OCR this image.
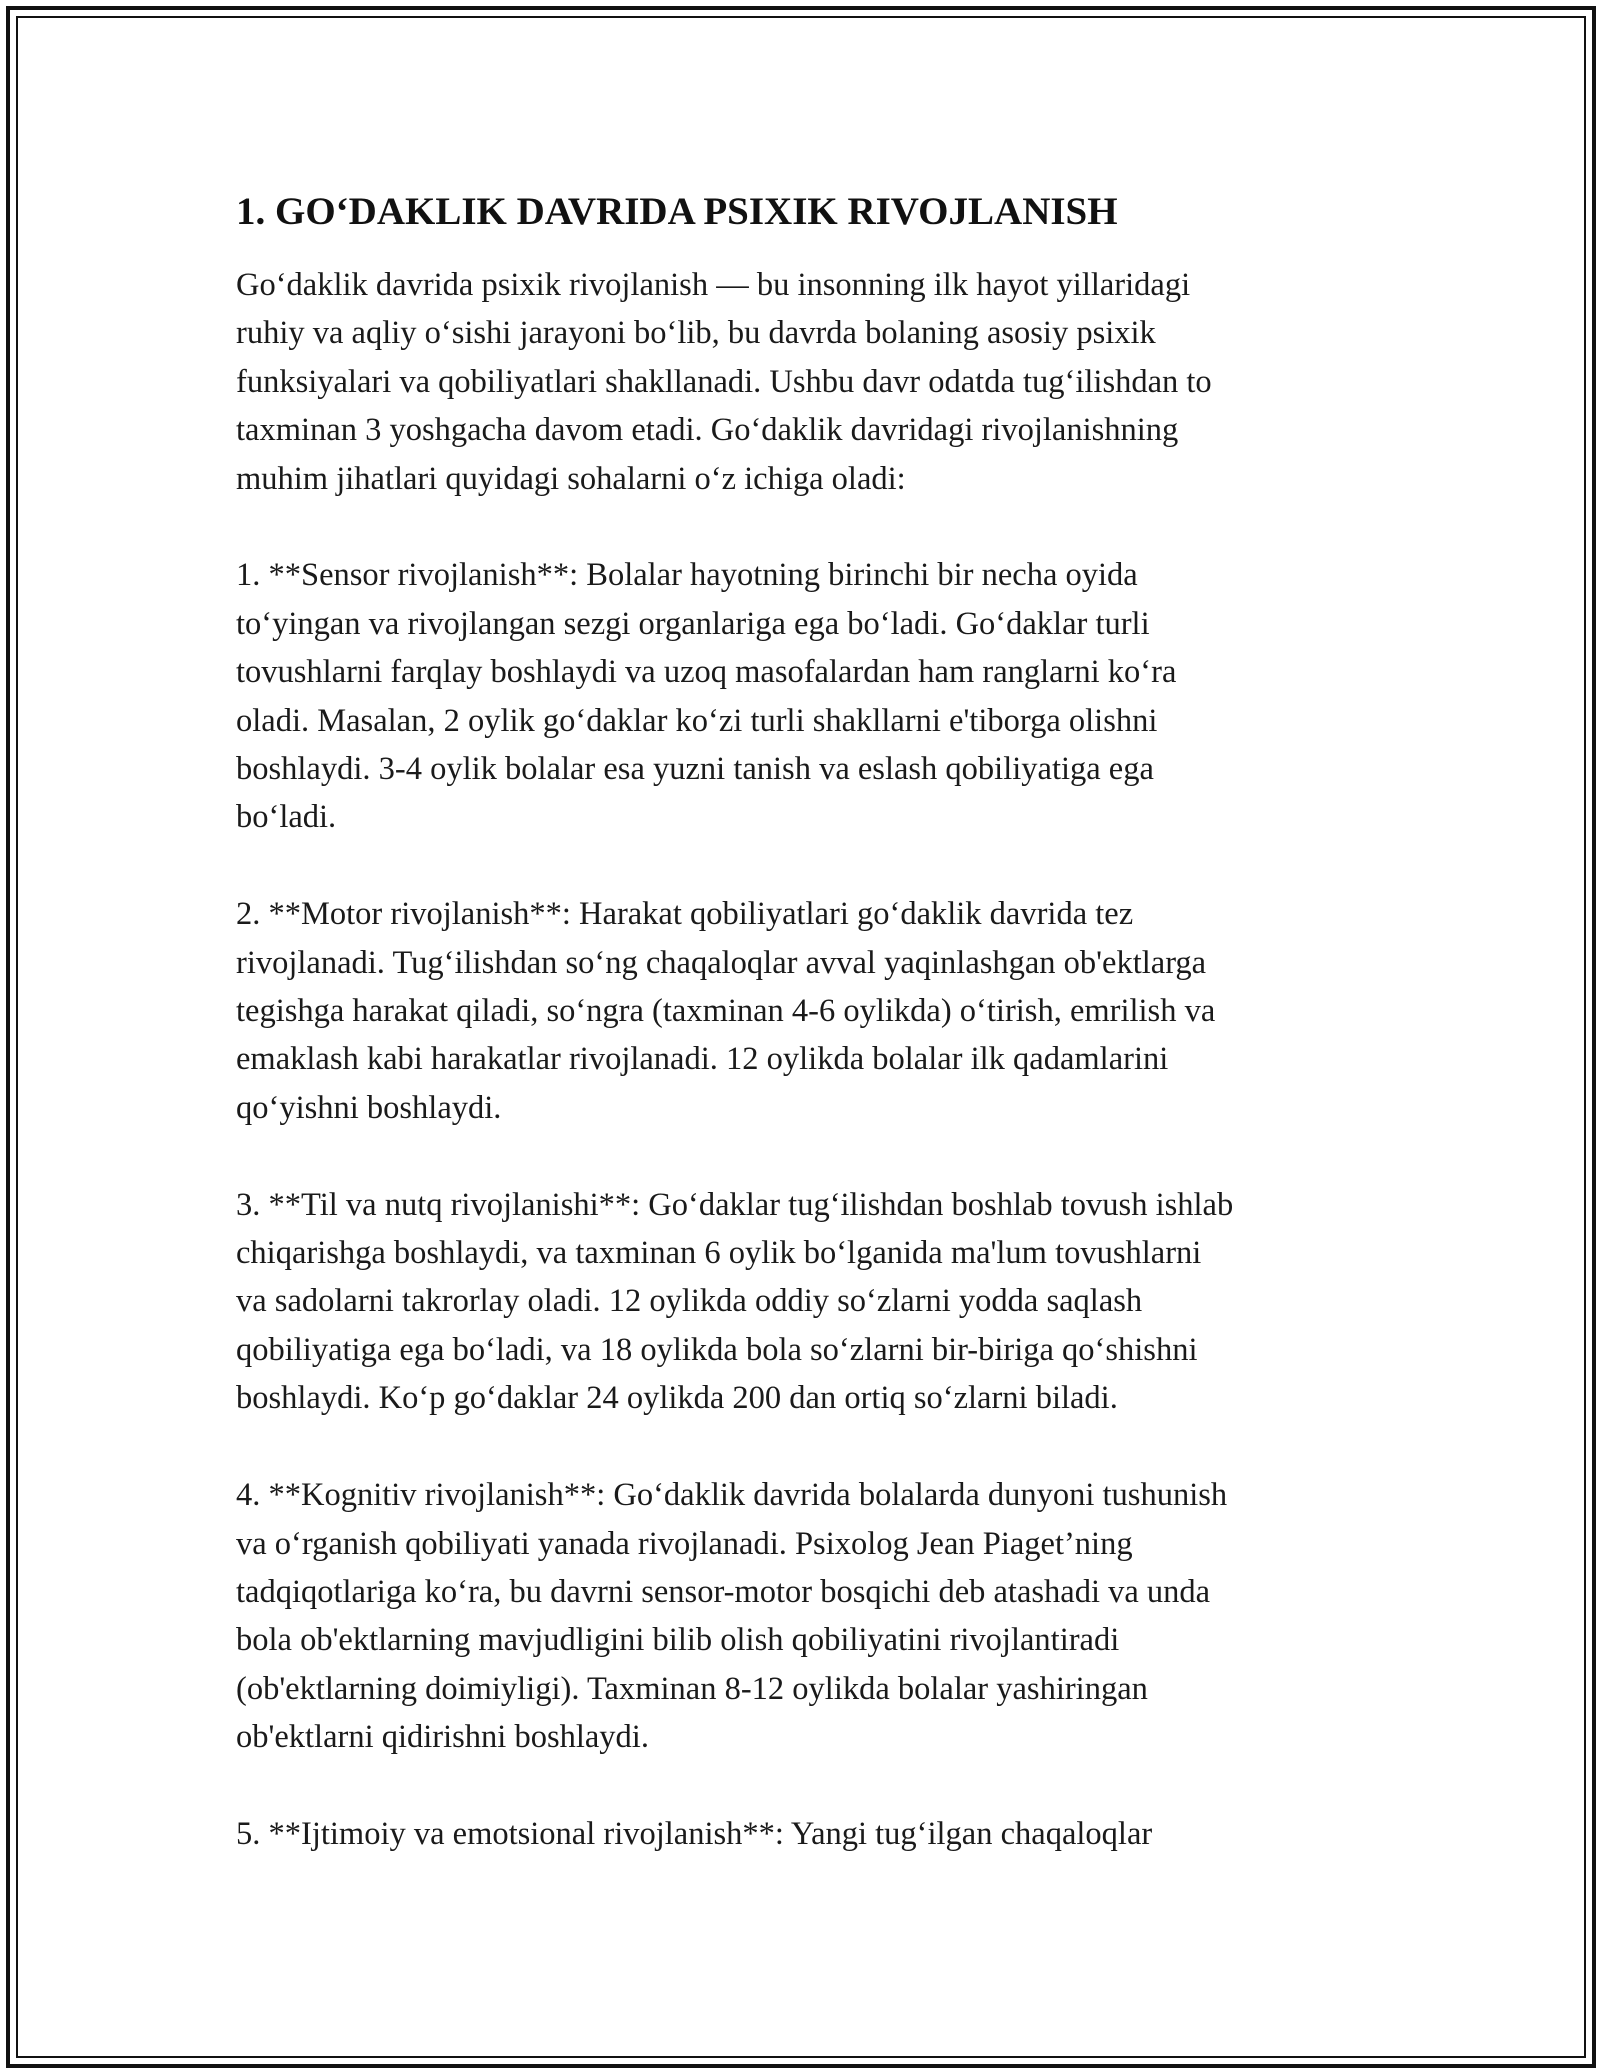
1. GO‘DAKLIK DAVRIDA PSIXIK RIVOJLANISH
Go‘daklik davrida psixik rivojlanish — bu insonning ilk hayot yillaridagi
ruhiy va aqliy o‘sishi jarayoni bo‘lib, bu davrda bolaning asosiy psixik
funksiyalari va qobiliyatlari shakllanadi. Ushbu davr odatda tug‘ilishdan to
taxminan 3 yoshgacha davom etadi. Go‘daklik davridagi rivojlanishning
muhim jihatlari quyidagi sohalarni o‘z ichiga oladi:
1. **Sensor rivojlanish**: Bolalar hayotning birinchi bir necha oyida
to‘yingan va rivojlangan sezgi organlariga ega bo‘ladi. Go‘daklar turli
tovushlarni farqlay boshlaydi va uzoq masofalardan ham ranglarni ko‘ra
oladi. Masalan, 2 oylik go‘daklar ko‘zi turli shakllarni e'tiborga olishni
boshlaydi. 3-4 oylik bolalar esa yuzni tanish va eslash qobiliyatiga ega
bo‘ladi.
2. **Motor rivojlanish**: Harakat qobiliyatlari go‘daklik davrida tez
rivojlanadi. Tug‘ilishdan so‘ng chaqaloqlar avval yaqinlashgan ob'ektlarga
tegishga harakat qiladi, so‘ngra (taxminan 4-6 oylikda) o‘tirish, emrilish va
emaklash kabi harakatlar rivojlanadi. 12 oylikda bolalar ilk qadamlarini
qo‘yishni boshlaydi.
3. **Til va nutq rivojlanishi**: Go‘daklar tug‘ilishdan boshlab tovush ishlab
chiqarishga boshlaydi, va taxminan 6 oylik bo‘lganida ma'lum tovushlarni
va sadolarni takrorlay oladi. 12 oylikda oddiy so‘zlarni yodda saqlash
qobiliyatiga ega bo‘ladi, va 18 oylikda bola so‘zlarni bir-biriga qo‘shishni
boshlaydi. Ko‘p go‘daklar 24 oylikda 200 dan ortiq so‘zlarni biladi.
4. **Kognitiv rivojlanish**: Go‘daklik davrida bolalarda dunyoni tushunish
va o‘rganish qobiliyati yanada rivojlanadi. Psixolog Jean Piaget’ning
tadqiqotlariga ko‘ra, bu davrni sensor-motor bosqichi deb atashadi va unda
bola ob'ektlarning mavjudligini bilib olish qobiliyatini rivojlantiradi
(ob'ektlarning doimiyligi). Taxminan 8-12 oylikda bolalar yashiringan
ob'ektlarni qidirishni boshlaydi.
5. **Ijtimoiy va emotsional rivojlanish**: Yangi tug‘ilgan chaqaloqlar
